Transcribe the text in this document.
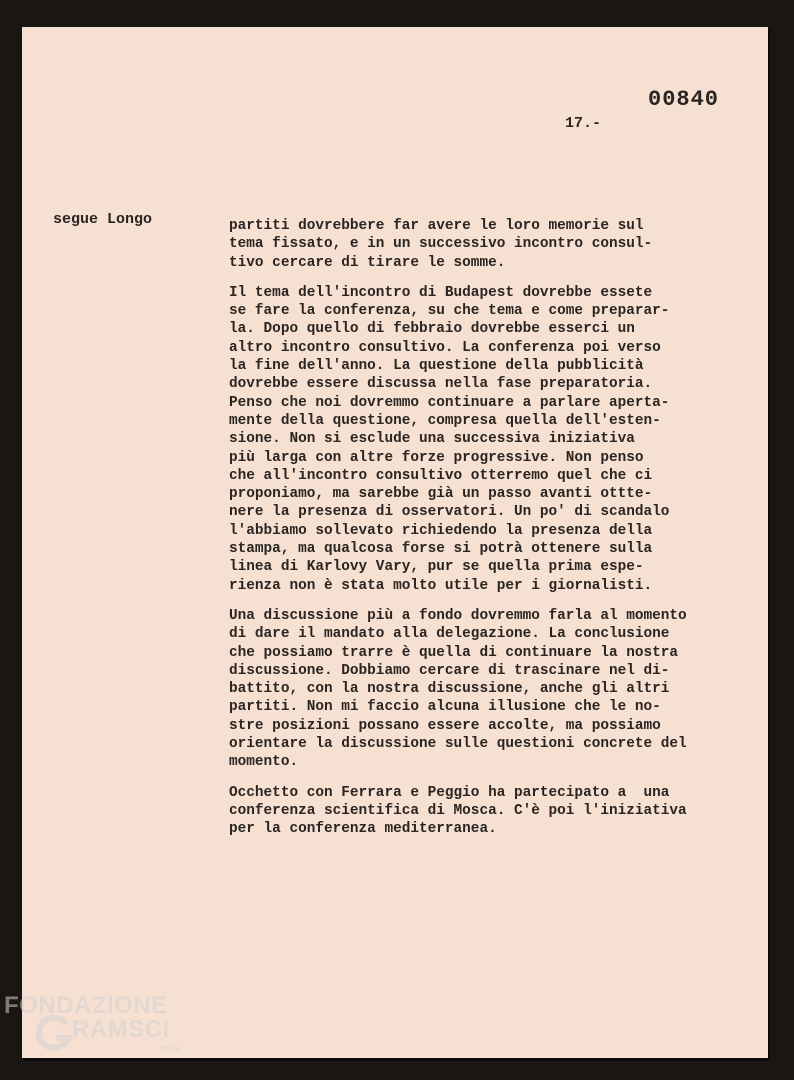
00840
17.-
segue Longo	partiti dovrebbere far avere le loro memorie sul
tema fissato, e in un successivo incontro consul-
tivo cercare di tirare le somme.
Il tema dell'incontro di Budapest dovrebbe essete
se fare la conferenza, su che tema e come preparar-
la. Dopo quello di febbraio dovrebbe esserci un
altro incontro consultivo. La conferenza poi verso
la fine dell'anno. La questione della pubblicità
dovrebbe essere discussa nella fase preparatoria.
Penso che noi dovremmo continuare a parlare aperta-
mente della questione, compresa quella dell'esten-
sione. Non si esclude una successiva iniziativa
più larga con altre forze progressive. Non penso
che all'incontro consultivo otterremo quel che ci
proponiamo, ma sarebbe già un passo avanti ottte-
nere la presenza di osservatori. Un po' di scandalo
l'abbiamo sollevato richiedendo la presenza della
stampa, ma qualcosa forse si potrà ottenere sulla
linea di Karlovy Vary, pur se quella prima espe-
rienza non è stata molto utile per i giornalisti.
Una discussione più a fondo dovremmo farla al momento
di dare il mandato alla delegazione. La conclusione
che possiamo trarre è quella di continuare la nostra
discussione. Dobbiamo cercare di trascinare nel di-
battito, con la nostra discussione, anche gli altri
partiti. Non mi faccio alcuna illusione che le no-
stre posizioni possano essere accolte, ma possiamo
orientare la discussione sulle questioni concrete del
momento.
Occhetto con Ferrara e Peggio ha partecipato a  una
conferenza scientifica di Mosca. C'è poi l'iniziativa
per la conferenza mediterranea.
FONDAZIONE
RAMSCI
onlus
